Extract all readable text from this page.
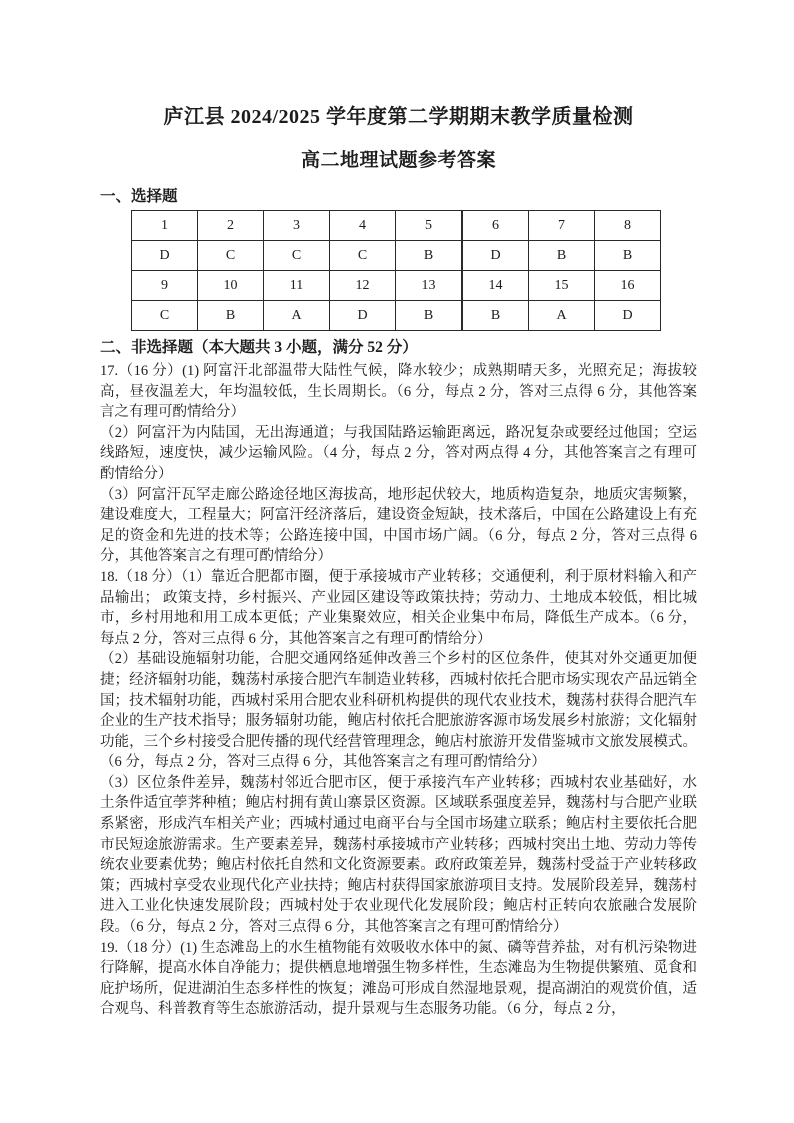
庐江县 2024/2025 学年度第二学期期末教学质量检测
高二地理试题参考答案
一、选择题
1	2	3	4	5	6	7	8
D	C	C	C	B	D	B	B
9	10	11	12	13	14	15	16
C	B	A	D	B	B	A	D
二、非选择题（本大题共 3 小题，满分 52 分）

17.（16 分）(1) 阿富汗北部温带大陆性气候，降水较少；成熟期晴天多，光照充足；海拔较高，昼夜温差大，年均温较低，生长周期长。（6 分，每点 2 分，答对三点得 6 分，其他答案言之有理可酌情给分）

（2）阿富汗为内陆国，无出海通道；与我国陆路运输距离远，路况复杂或要经过他国；空运线路短，速度快，减少运输风险。（4 分，每点 2 分，答对两点得 4 分，其他答案言之有理可酌情给分）

（3）阿富汗瓦罕走廊公路途径地区海拔高，地形起伏较大，地质构造复杂，地质灾害频繁，建设难度大，工程量大；阿富汗经济落后，建设资金短缺，技术落后，中国在公路建设上有充足的资金和先进的技术等；公路连接中国，中国市场广阔。（6 分，每点 2 分，答对三点得 6 分，其他答案言之有理可酌情给分）

18.（18 分）（1）靠近合肥都市圈，便于承接城市产业转移；交通便利，利于原材料输入和产品输出； 政策支持，乡村振兴、产业园区建设等政策扶持；劳动力、土地成本较低，相比城市，乡村用地和用工成本更低；产业集聚效应，相关企业集中布局，降低生产成本。（6 分，每点 2 分，答对三点得 6 分，其他答案言之有理可酌情给分）

（2）基础设施辐射功能，合肥交通网络延伸改善三个乡村的区位条件，使其对外交通更加便捷；经济辐射功能，魏荡村承接合肥汽车制造业转移，西城村依托合肥市场实现农产品远销全国；技术辐射功能，西城村采用合肥农业科研机构提供的现代农业技术，魏荡村获得合肥汽车企业的生产技术指导；服务辐射功能，鲍店村依托合肥旅游客源市场发展乡村旅游；文化辐射功能，三个乡村接受合肥传播的现代经营管理理念，鲍店村旅游开发借鉴城市文旅发展模式。（6 分，每点 2 分，答对三点得 6 分，其他答案言之有理可酌情给分）

（3）区位条件差异，魏荡村邻近合肥市区，便于承接汽车产业转移；西城村农业基础好，水土条件适宜荸荠种植；鲍店村拥有黄山寨景区资源。区域联系强度差异，魏荡村与合肥产业联系紧密，形成汽车相关产业；西城村通过电商平台与全国市场建立联系；鲍店村主要依托合肥市民短途旅游需求。生产要素差异，魏荡村承接城市产业转移；西城村突出土地、劳动力等传统农业要素优势；鲍店村依托自然和文化资源要素。政府政策差异，魏荡村受益于产业转移政策；西城村享受农业现代化产业扶持；鲍店村获得国家旅游项目支持。发展阶段差异，魏荡村进入工业化快速发展阶段；西城村处于农业现代化发展阶段；鲍店村正转向农旅融合发展阶段。（6 分，每点 2 分，答对三点得 6 分，其他答案言之有理可酌情给分）

19.（18 分）(1) 生态滩岛上的水生植物能有效吸收水体中的氮、磷等营养盐，对有机污染物进行降解，提高水体自净能力；提供栖息地增强生物多样性，生态滩岛为生物提供繁殖、觅食和庇护场所，促进湖泊生态多样性的恢复；滩岛可形成自然湿地景观，提高湖泊的观赏价值，适合观鸟、科普教育等生态旅游活动，提升景观与生态服务功能。（6 分，每点 2 分，
